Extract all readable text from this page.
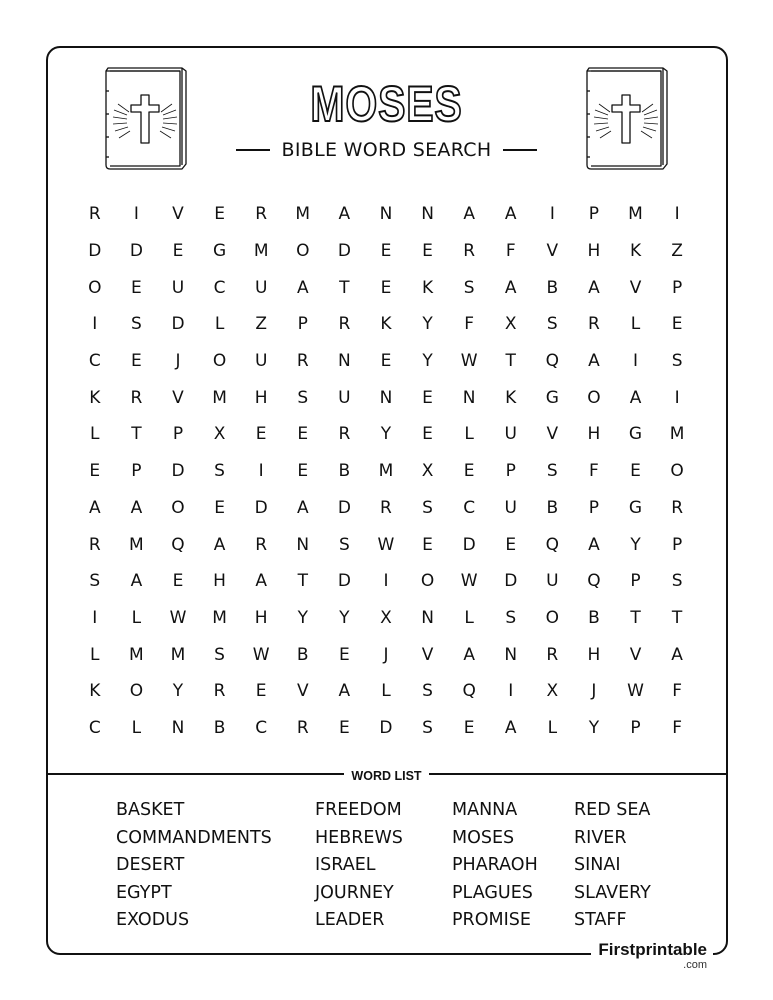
MOSES
BIBLE WORD SEARCH
R	I	V	E	R	M	A	N	N	A	A	I	P	M	I
D	D	E	G	M	O	D	E	E	R	F	V	H	K	Z
O	E	U	C	U	A	T	E	K	S	A	B	A	V	P
I	S	D	L	Z	P	R	K	Y	F	X	S	R	L	E
C	E	J	O	U	R	N	E	Y	W	T	Q	A	I	S
K	R	V	M	H	S	U	N	E	N	K	G	O	A	I
L	T	P	X	E	E	R	Y	E	L	U	V	H	G	M
E	P	D	S	I	E	B	M	X	E	P	S	F	E	O
A	A	O	E	D	A	D	R	S	C	U	B	P	G	R
R	M	Q	A	R	N	S	W	E	D	E	Q	A	Y	P
S	A	E	H	A	T	D	I	O	W	D	U	Q	P	S
I	L	W	M	H	Y	Y	X	N	L	S	O	B	T	T
L	M	M	S	W	B	E	J	V	A	N	R	H	V	A
K	O	Y	R	E	V	A	L	S	Q	I	X	J	W	F
C	L	N	B	C	R	E	D	S	E	A	L	Y	P	F
WORD LIST
BASKET
COMMANDMENTS
DESERT
EGYPT
EXODUS
FREEDOM
HEBREWS
ISRAEL
JOURNEY
LEADER
MANNA
MOSES
PHARAOH
PLAGUES
PROMISE
RED SEA
RIVER
SINAI
SLAVERY
STAFF
Firstprintable
.com
